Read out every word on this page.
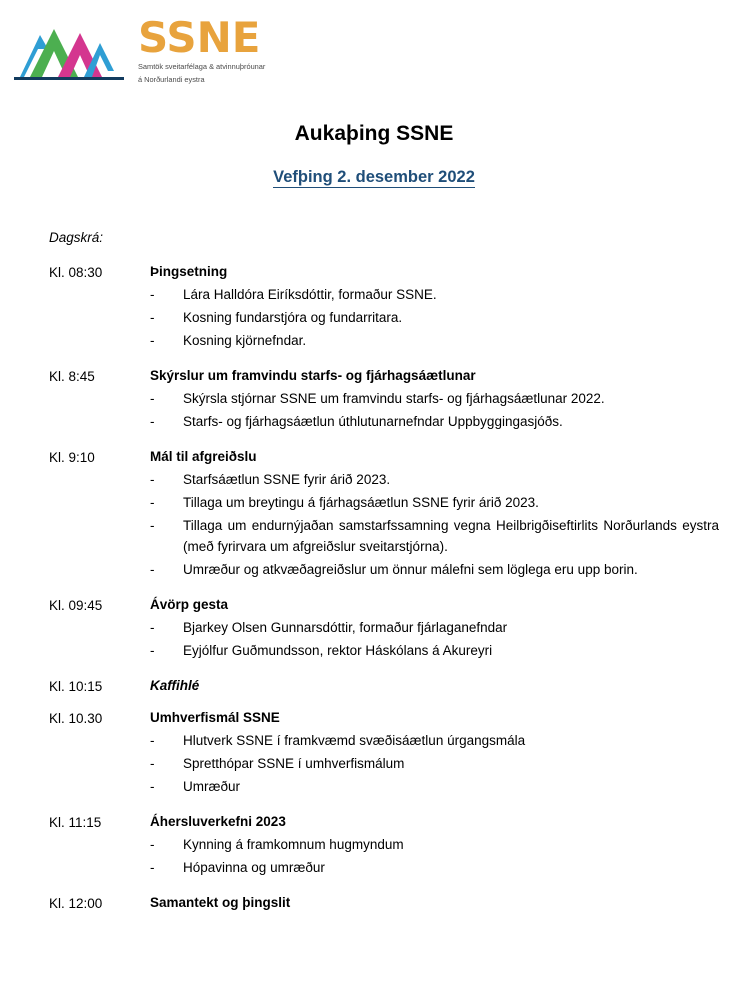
SSNE
Samtök sveitarfélaga & atvinnuþróunar
á Norðurlandi eystra
Aukaþing SSNE
Vefþing 2. desember 2022
Dagskrá:
Kl. 08:30	Þingsetning
-	Lára Halldóra Eiríksdóttir, formaður SSNE.
-	Kosning fundarstjóra og fundarritara.
-	Kosning kjörnefndar.
Kl. 8:45	Skýrslur um framvindu starfs- og fjárhagsáætlunar
-	Skýrsla stjórnar SSNE um framvindu starfs- og fjárhagsáætlunar 2022.
-	Starfs- og fjárhagsáætlun úthlutunarnefndar Uppbyggingasjóðs.
Kl. 9:10	Mál til afgreiðslu
-	Starfsáætlun SSNE fyrir árið 2023.
-	Tillaga um breytingu á fjárhagsáætlun SSNE fyrir árið 2023.
-	Tillaga um endurnýjaðan samstarfssamning vegna Heilbrigðiseftirlits Norðurlands eystra (með fyrirvara um afgreiðslur sveitarstjórna).
-	Umræður og atkvæðagreiðslur um önnur málefni sem löglega eru upp borin.
Kl. 09:45	Ávörp gesta
-	Bjarkey Olsen Gunnarsdóttir, formaður fjárlaganefndar
-	Eyjólfur Guðmundsson, rektor Háskólans á Akureyri
Kl. 10:15	Kaffihlé
Kl. 10.30	Umhverfismál SSNE
-	Hlutverk SSNE í framkvæmd svæðisáætlun úrgangsmála
-	Spretthópar SSNE í umhverfismálum
-	Umræður
Kl. 11:15	Áhersluverkefni 2023
-	Kynning á framkomnum hugmyndum
-	Hópavinna og umræður
Kl. 12:00	Samantekt og þingslit
